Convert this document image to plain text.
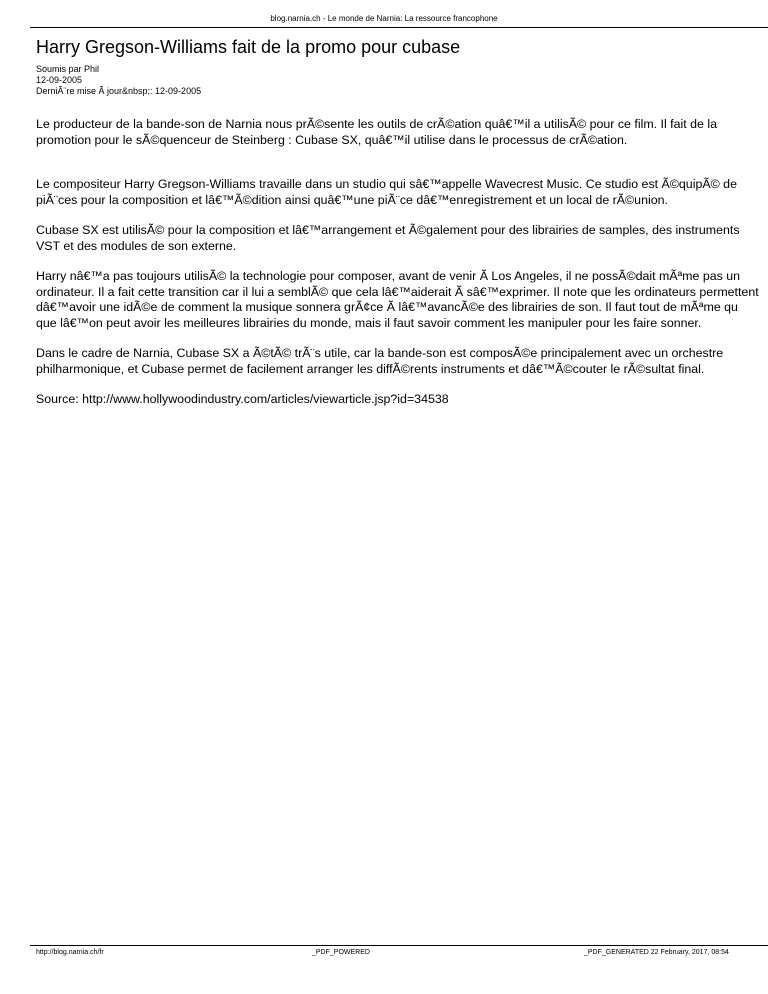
blog.narnia.ch - Le monde de Narnia: La ressource francophone
Harry Gregson-Williams fait de la promo pour cubase
Soumis par Phil
12-09-2005
DerniÃ¨re mise Ã jour&nbsp;: 12-09-2005
Le producteur de la bande-son de Narnia nous prÃ©sente les outils de crÃ©ation quâ€™il a utilisÃ© pour ce film. Il fait de la
promotion pour le sÃ©quenceur de Steinberg : Cubase SX, quâ€™il utilise dans le processus de crÃ©ation.
Le compositeur Harry Gregson-Williams travaille dans un studio qui sâ€™appelle Wavecrest Music. Ce studio est Ã©quipÃ© de
piÃ¨ces pour la composition et lâ€™Ã©dition ainsi quâ€™une piÃ¨ce dâ€™enregistrement et un local de rÃ©union.
Cubase SX est utilisÃ© pour la composition et lâ€™arrangement et Ã©galement pour des librairies de samples, des instruments
VST et des modules de son externe.
Harry nâ€™a pas toujours utilisÃ© la technologie pour composer, avant de venir Ã Los Angeles, il ne possÃ©dait mÃªme pas un
ordinateur. Il a fait cette transition car il lui a semblÃ© que cela lâ€™aiderait Ã sâ€™exprimer. Il note que les ordinateurs permettent
dâ€™avoir une idÃ©e de comment la musique sonnera grÃ¢ce Ã lâ€™avancÃ©e des librairies de son. Il faut tout de mÃªme qu
que lâ€™on peut avoir les meilleures librairies du monde, mais il faut savoir comment les manipuler pour les faire sonner.
Dans le cadre de Narnia, Cubase SX a Ã©tÃ© trÃ¨s utile, car la bande-son est composÃ©e principalement avec un orchestre
philharmonique, et Cubase permet de facilement arranger les diffÃ©rents instruments et dâ€™Ã©couter le rÃ©sultat final.
Source: http://www.hollywoodindustry.com/articles/viewarticle.jsp?id=34538
http://blog.narnia.ch/fr	_PDF_POWERED	_PDF_GENERATED 22 February, 2017, 08:54
